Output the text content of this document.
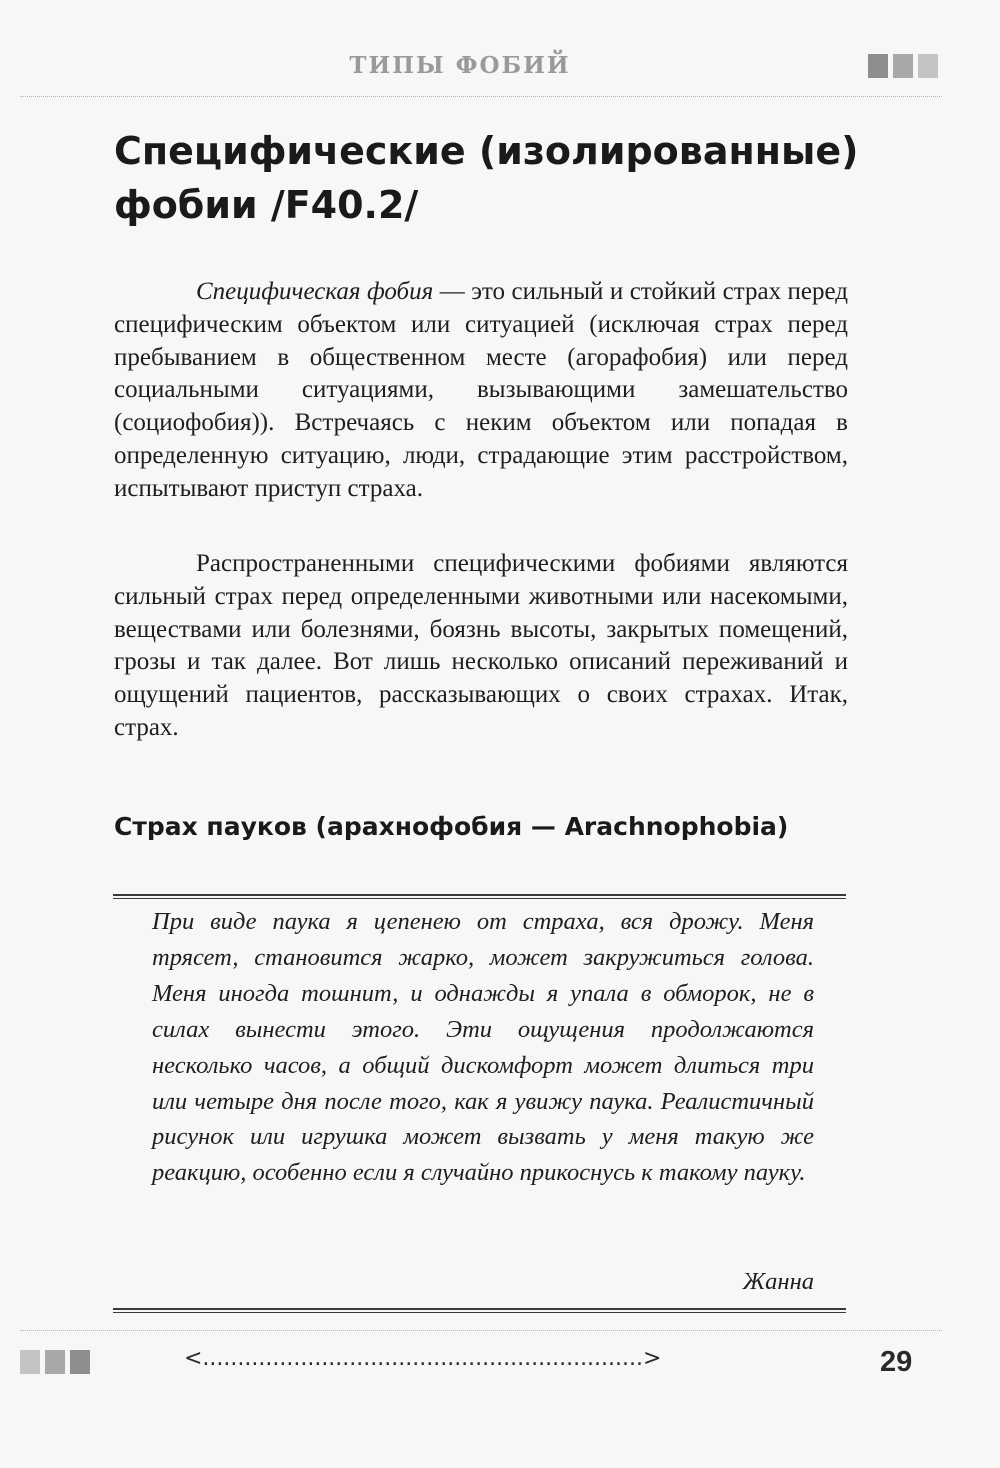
ТИПЫ ФОБИЙ
Специфические (изолированные) фобии /F40.2/

Специфическая фобия — это сильный и стойкий страх перед специфическим объектом или ситуацией (исключая страх перед пребыванием в общественном месте (агорафобия) или перед социальными ситуациями, вызывающими замешательство (социофобия)). Встречаясь с неким объектом или попадая в определенную ситуацию, люди, страдающие этим расстройством, испытывают приступ страха.

Распространенными специфическими фобиями являются сильный страх перед определенными животными или насекомыми, веществами или болезнями, боязнь высоты, закрытых помещений, грозы и так далее. Вот лишь несколько описаний переживаний и ощущений пациентов, рассказывающих о своих страхах. Итак, страх.

Страх пауков (арахнофобия — Arachnophobia)

При виде паука я цепенею от страха, вся дрожу. Меня трясет, становится жарко, может закружиться голова. Меня иногда тошнит, и однажды я упала в обморок, не в силах вынести этого. Эти ощущения продолжаются несколько часов, а общий дискомфорт может длиться три или четыре дня после того, как я увижу паука. Реалистичный рисунок или игрушка может вызвать у меня такую же реакцию, особенно если я случайно прикоснусь к такому пауку.

Жанна
<...............................................................>	29
